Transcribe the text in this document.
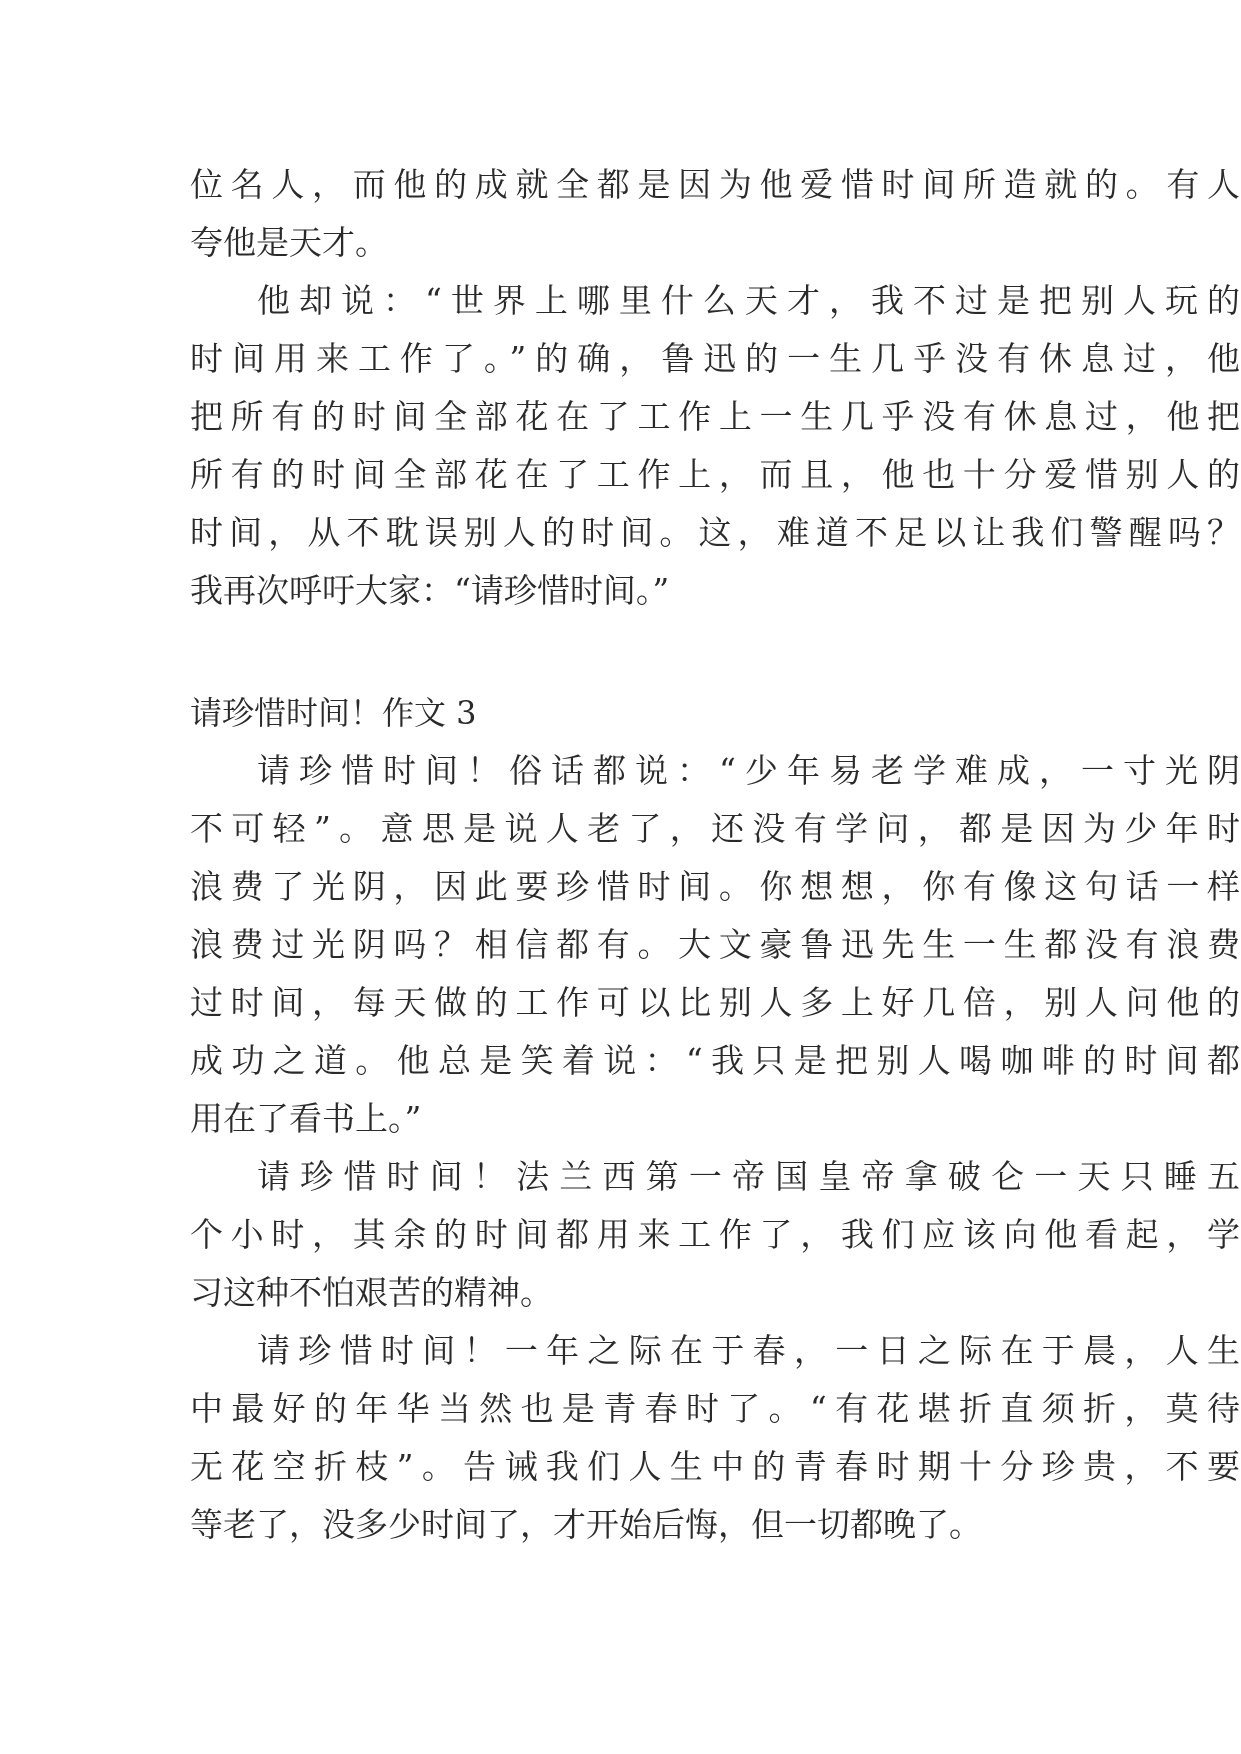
位名人，而他的成就全都是因为他爱惜时间所造就的。有人
夸他是天才。
他却说：“世界上哪里什么天才，我不过是把别人玩的
时间用来工作了。”的确，鲁迅的一生几乎没有休息过，他
把所有的时间全部花在了工作上一生几乎没有休息过，他把
所有的时间全部花在了工作上，而且，他也十分爱惜别人的
时间，从不耽误别人的时间。这，难道不足以让我们警醒吗？
我再次呼吁大家：“请珍惜时间。”
请珍惜时间！作文 3
请珍惜时间！俗话都说：“少年易老学难成，一寸光阴
不可轻”。意思是说人老了，还没有学问，都是因为少年时
浪费了光阴，因此要珍惜时间。你想想，你有像这句话一样
浪费过光阴吗？相信都有。大文豪鲁迅先生一生都没有浪费
过时间，每天做的工作可以比别人多上好几倍，别人问他的
成功之道。他总是笑着说：“我只是把别人喝咖啡的时间都
用在了看书上。”
请珍惜时间！法兰西第一帝国皇帝拿破仑一天只睡五
个小时，其余的时间都用来工作了，我们应该向他看起，学
习这种不怕艰苦的精神。
请珍惜时间！一年之际在于春，一日之际在于晨，人生
中最好的年华当然也是青春时了。“有花堪折直须折，莫待
无花空折枝”。告诫我们人生中的青春时期十分珍贵，不要
等老了，没多少时间了，才开始后悔，但一切都晚了。
